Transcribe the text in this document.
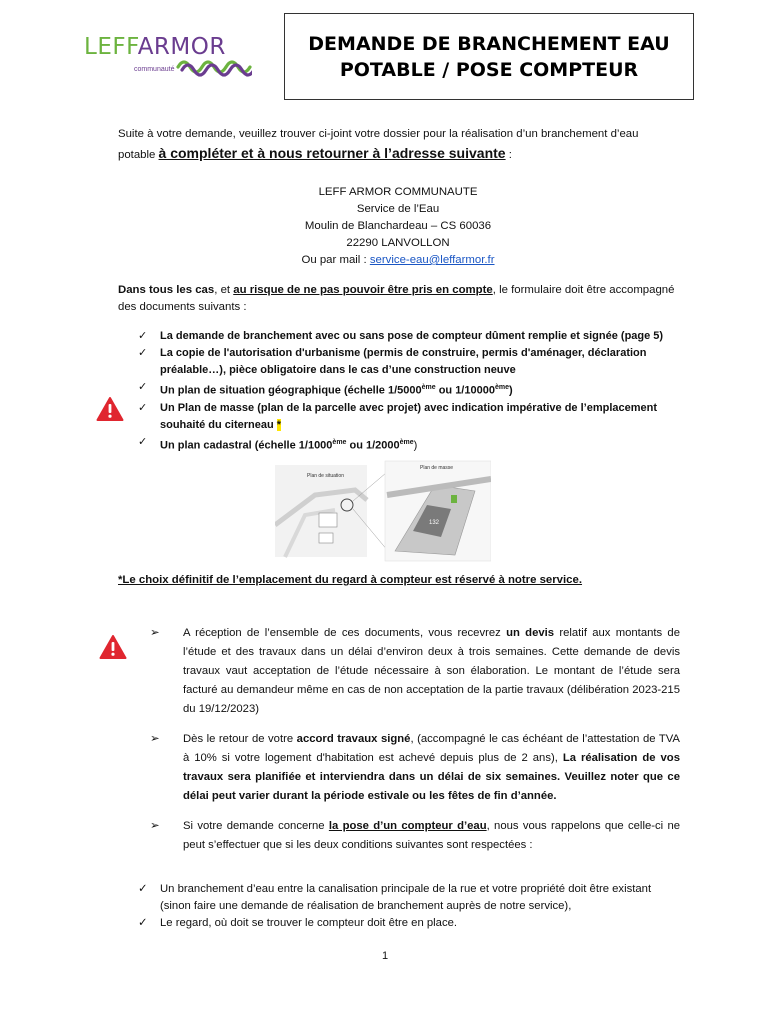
LEFFARMOR
communauté
DEMANDE DE BRANCHEMENT EAU
POTABLE / POSE COMPTEUR
Suite à votre demande, veuillez trouver ci-joint votre dossier pour la réalisation d’un branchement d’eau potable à compléter et à nous retourner à l’adresse suivante :
LEFF ARMOR COMMUNAUTE
Service de l’Eau
Moulin de Blanchardeau – CS 60036
22290 LANVOLLON
Ou par mail : service-eau@leffarmor.fr
Dans tous les cas, et au risque de ne pas pouvoir être pris en compte, le formulaire doit être accompagné des documents suivants :
✓ La demande de branchement avec ou sans pose de compteur dûment remplie et signée (page 5)
✓ La copie de l'autorisation d'urbanisme (permis de construire, permis d'aménager, déclaration préalable…), pièce obligatoire dans le cas d’une construction neuve
✓ Un plan de situation géographique (échelle 1/5000ème ou 1/10000ème)
✓ Un Plan de masse (plan de la parcelle avec projet) avec indication impérative de l’emplacement souhaité du citerneau *
✓ Un plan cadastral (échelle 1/1000ème ou 1/2000ème)
Plan de situation
Plan de masse
132
*Le choix définitif de l’emplacement du regard à compteur est réservé à notre service.
➢ A réception de l’ensemble de ces documents, vous recevrez un devis relatif aux montants de l’étude et des travaux dans un délai d’environ deux à trois semaines. Cette demande de devis travaux vaut acceptation de l’étude nécessaire à son élaboration. Le montant de l’étude sera facturé au demandeur même en cas de non acceptation de la partie travaux (délibération 2023-215 du 19/12/2023)
➢ Dès le retour de votre accord travaux signé, (accompagné le cas échéant de l’attestation de TVA à 10% si votre logement d'habitation est achevé depuis plus de 2 ans), La réalisation de vos travaux sera planifiée et interviendra dans un délai de six semaines. Veuillez noter que ce délai peut varier durant la période estivale ou les fêtes de fin d’année.
➢ Si votre demande concerne la pose d’un compteur d’eau, nous vous rappelons que celle-ci ne peut s’effectuer que si les deux conditions suivantes sont respectées :
✓ Un branchement d’eau entre la canalisation principale de la rue et votre propriété doit être existant (sinon faire une demande de réalisation de branchement auprès de notre service),
✓ Le regard, où doit se trouver le compteur doit être en place.
1
